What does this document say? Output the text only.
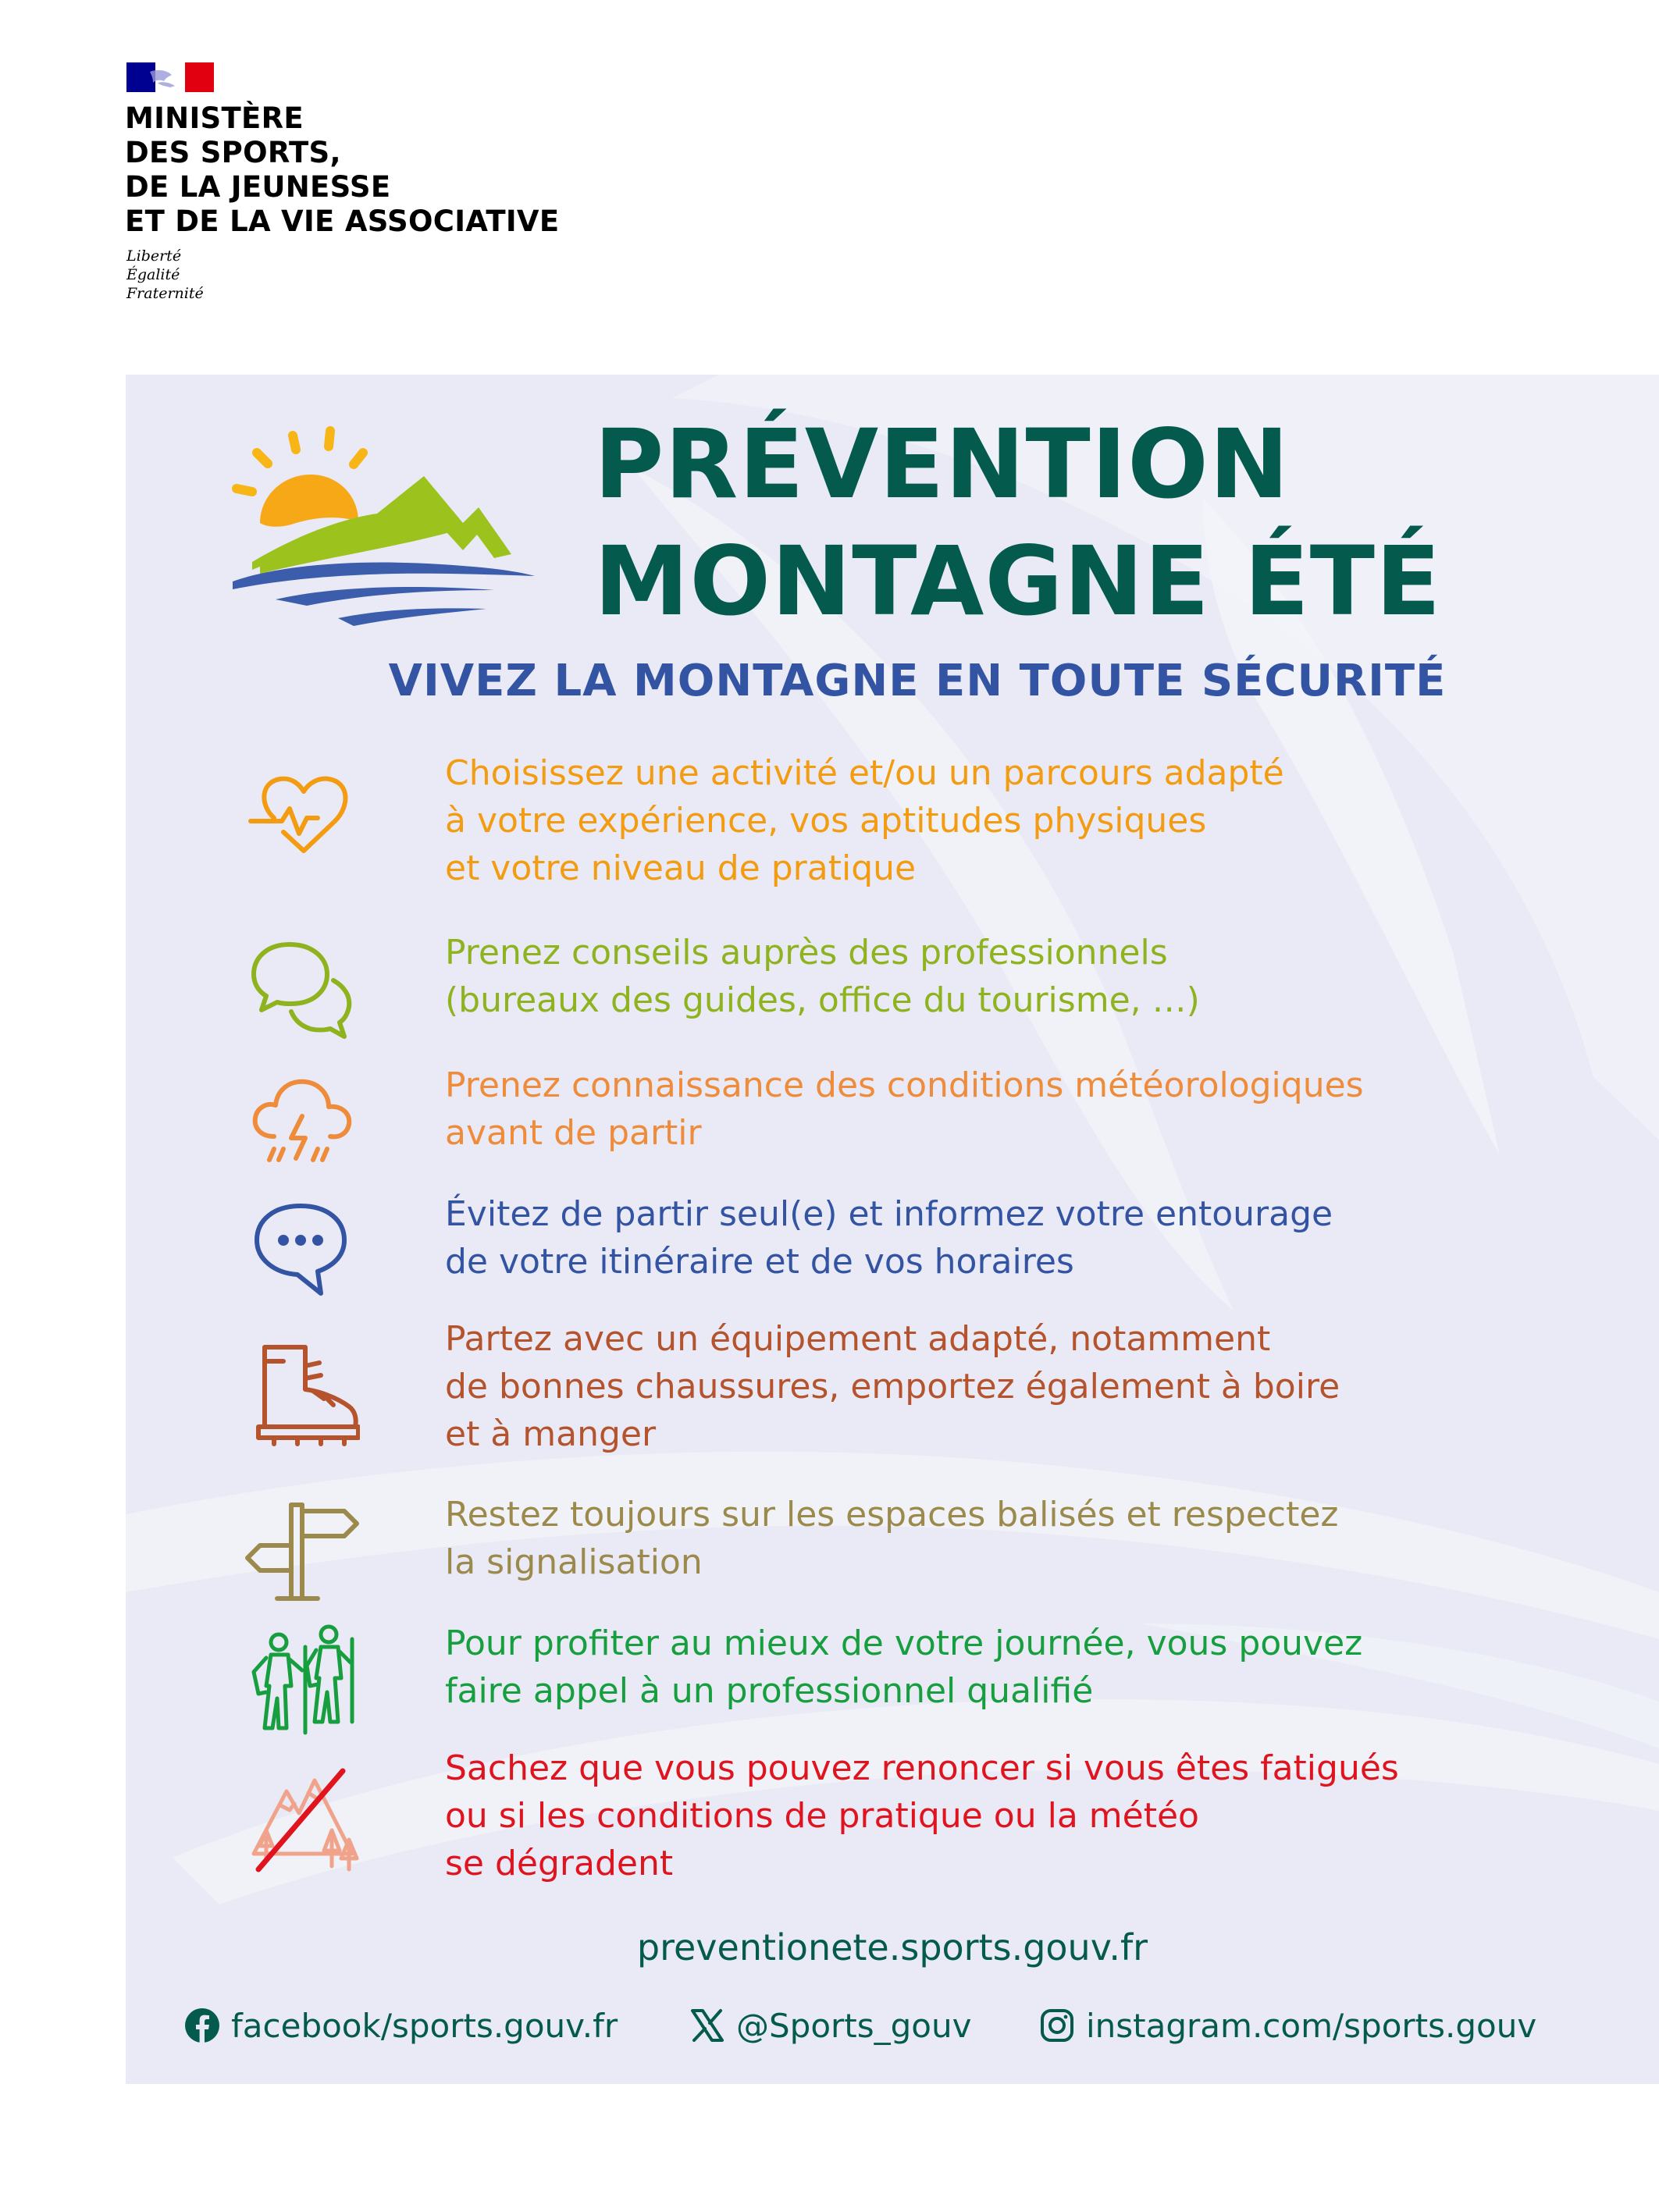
MINISTÈRE
DES SPORTS,
DE LA JEUNESSE
ET DE LA VIE ASSOCIATIVE
Liberté
Égalité
Fraternité
PRÉVENTION
MONTAGNE ÉTÉ

VIVEZ LA MONTAGNE EN TOUTE SÉCURITÉ

Choisissez une activité et/ou un parcours adapté
à votre expérience, vos aptitudes physiques
et votre niveau de pratique

Prenez conseils auprès des professionnels
(bureaux des guides, office du tourisme, …)

Prenez connaissance des conditions météorologiques
avant de partir

Évitez de partir seul(e) et informez votre entourage
de votre itinéraire et de vos horaires

Partez avec un équipement adapté, notamment
de bonnes chaussures, emportez également à boire
et à manger

Restez toujours sur les espaces balisés et respectez
la signalisation

Pour profiter au mieux de votre journée, vous pouvez
faire appel à un professionnel qualifié

Sachez que vous pouvez renoncer si vous êtes fatigués
ou si les conditions de pratique ou la météo
se dégradent

preventionete.sports.gouv.fr

facebook/sports.gouv.fr	@Sports_gouv	instagram.com/sports.gouv
